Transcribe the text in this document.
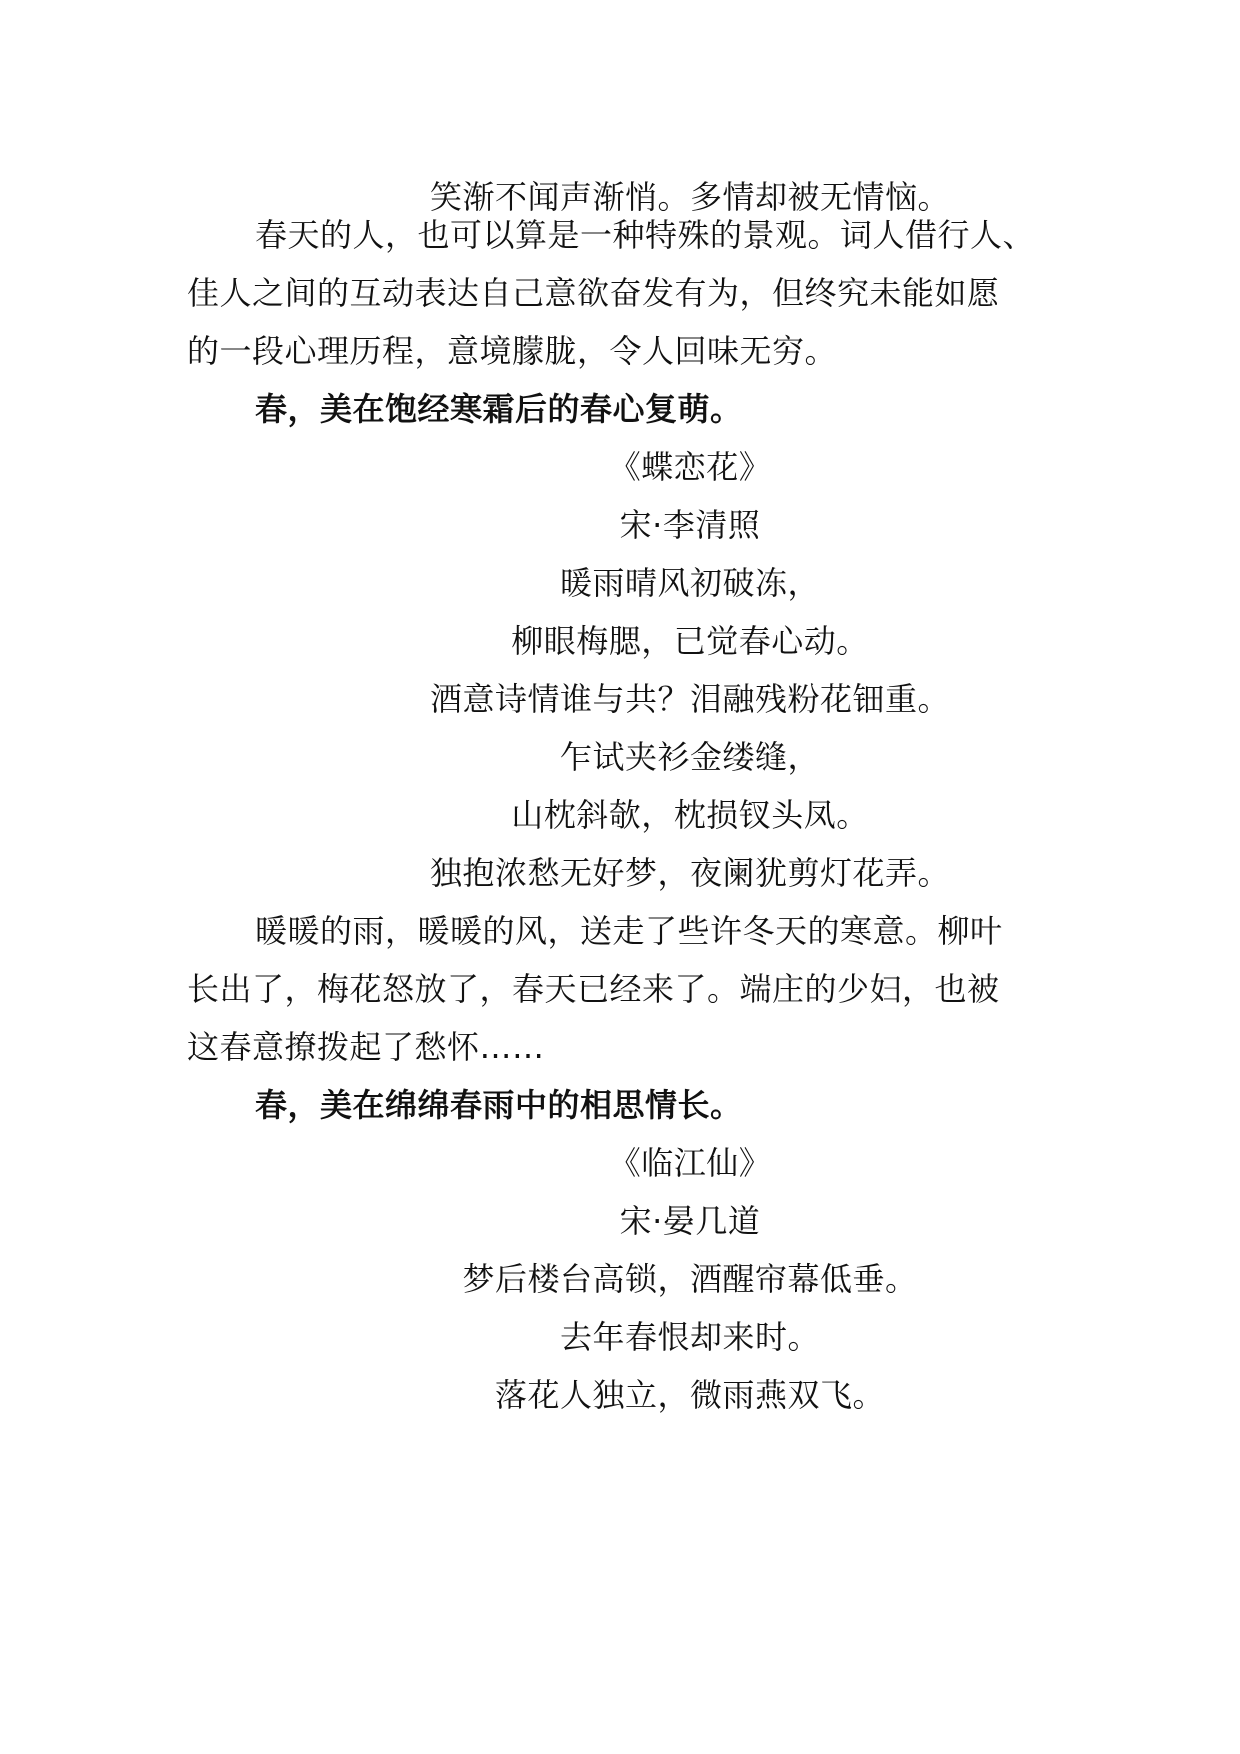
笑渐不闻声渐悄。多情却被无情恼。
春天的人，也可以算是一种特殊的景观。词人借行人、
佳人之间的互动表达自己意欲奋发有为，但终究未能如愿
的一段心理历程，意境朦胧，令人回味无穷。
春，美在饱经寒霜后的春心复萌。
《蝶恋花》
宋·李清照
暖雨晴风初破冻，
柳眼梅腮，已觉春心动。
酒意诗情谁与共？泪融残粉花钿重。
乍试夹衫金缕缝，
山枕斜欹，枕损钗头凤。
独抱浓愁无好梦，夜阑犹剪灯花弄。
暖暖的雨，暖暖的风，送走了些许冬天的寒意。柳叶
长出了，梅花怒放了，春天已经来了。端庄的少妇，也被
这春意撩拨起了愁怀……
春，美在绵绵春雨中的相思情长。
《临江仙》
宋·晏几道
梦后楼台高锁，酒醒帘幕低垂。
去年春恨却来时。
落花人独立，微雨燕双飞。
